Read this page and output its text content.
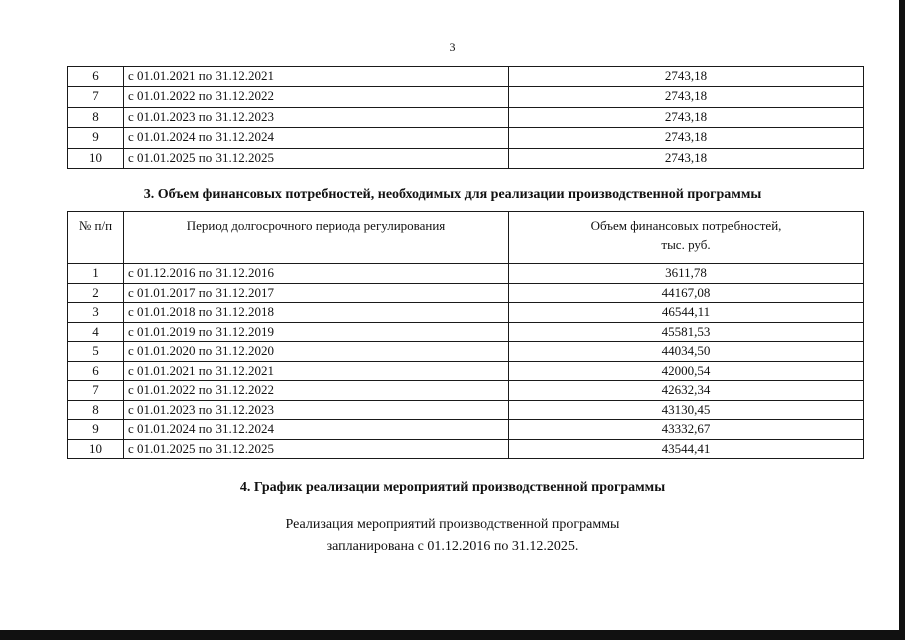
3
6	с 01.01.2021 по 31.12.2021	2743,18
7	с 01.01.2022 по 31.12.2022	2743,18
8	с 01.01.2023 по 31.12.2023	2743,18
9	с 01.01.2024 по 31.12.2024	2743,18
10	с 01.01.2025 по 31.12.2025	2743,18
3. Объем финансовых потребностей, необходимых для реализации производственной программы
№ п/п	Период долгосрочного периода регулирования	Объем финансовых потребностей,
тыс. руб.

1	с 01.12.2016 по 31.12.2016	3611,78
2	с 01.01.2017 по 31.12.2017	44167,08
3	с 01.01.2018 по 31.12.2018	46544,11
4	с 01.01.2019 по 31.12.2019	45581,53
5	с 01.01.2020 по 31.12.2020	44034,50
6	с 01.01.2021 по 31.12.2021	42000,54
7	с 01.01.2022 по 31.12.2022	42632,34
8	с 01.01.2023 по 31.12.2023	43130,45
9	с 01.01.2024 по 31.12.2024	43332,67
10	с 01.01.2025 по 31.12.2025	43544,41
4. График реализации мероприятий производственной программы
Реализация мероприятий производственной программы
запланирована с 01.12.2016 по 31.12.2025.
